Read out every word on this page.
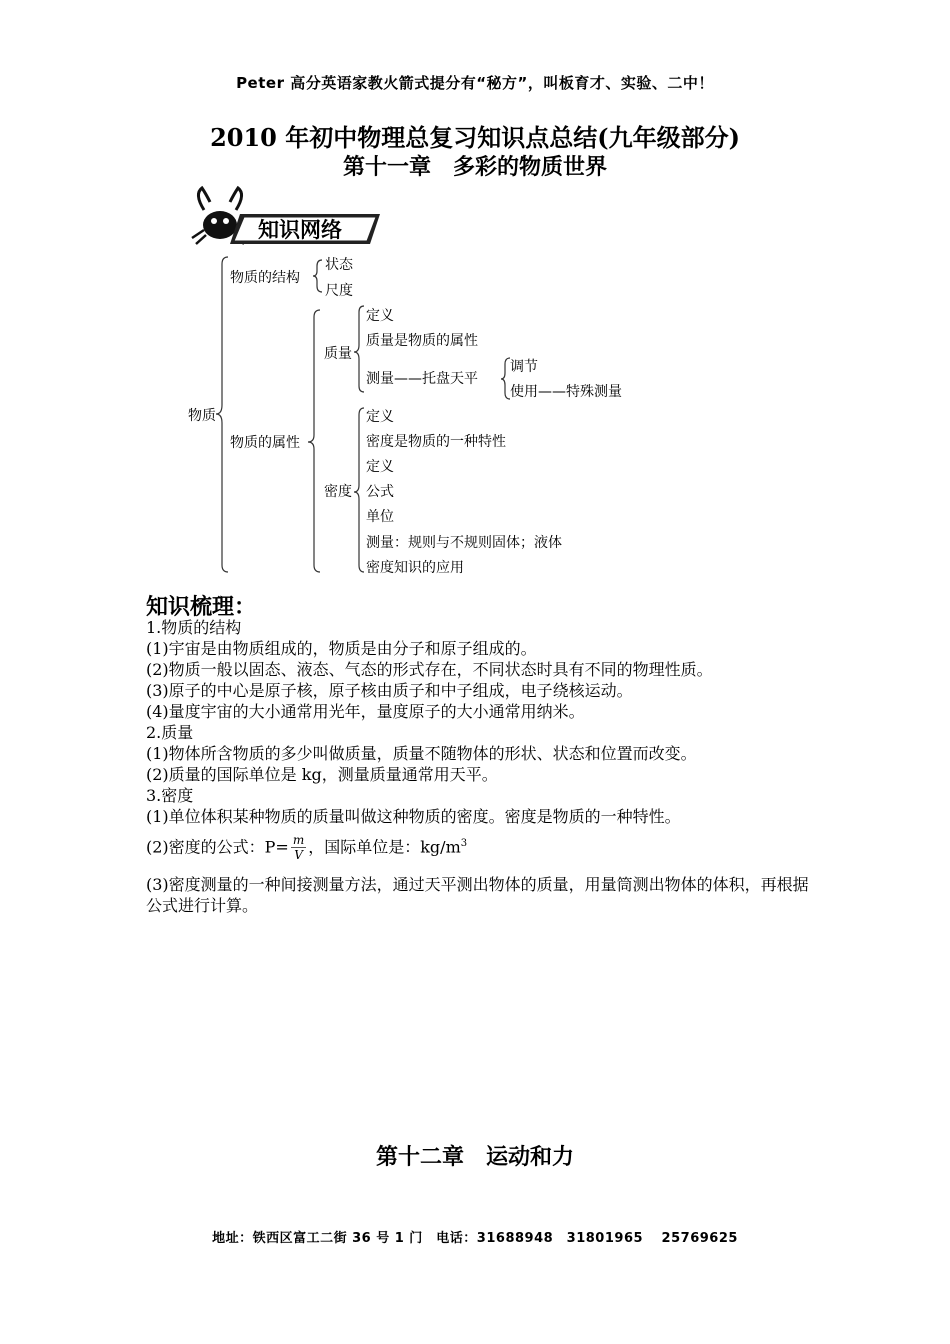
Peter 高分英语家教火箭式提分有“秘方”，叫板育才、实验、二中！
2010 年初中物理总复习知识点总结(九年级部分)
第十一章　多彩的物质世界
知识网络
物质
物质的结构
状态
尺度
物质的属性
质量
定义
质量是物质的属性
测量——托盘天平
调节
使用——特殊测量
定义
密度是物质的一种特性
密度
定义
公式
单位
测量：规则与不规则固体；液体
密度知识的应用
知识梳理：
1.物质的结构
(1)宇宙是由物质组成的，物质是由分子和原子组成的。
(2)物质一般以固态、液态、气态的形式存在，不同状态时具有不同的物理性质。
(3)原子的中心是原子核，原子核由质子和中子组成，电子绕核运动。
(4)量度宇宙的大小通常用光年，量度原子的大小通常用纳米。
2.质量
(1)物体所含物质的多少叫做质量，质量不随物体的形状、状态和位置而改变。
(2)质量的国际单位是 kg，测量质量通常用天平。
3.密度
(1)单位体积某种物质的质量叫做这种物质的密度。密度是物质的一种特性。
(2)密度的公式：$P= \frac{m}{V}$ ，国际单位是：$kg/m^3$
(3)密度测量的一种间接测量方法，通过天平测出物体的质量，用量筒测出物体的体积，再根据公式进行计算。
第十二章　运动和力
地址：铁西区富工二街 36 号 1 门　电话：31688948　31801965　 25769625
